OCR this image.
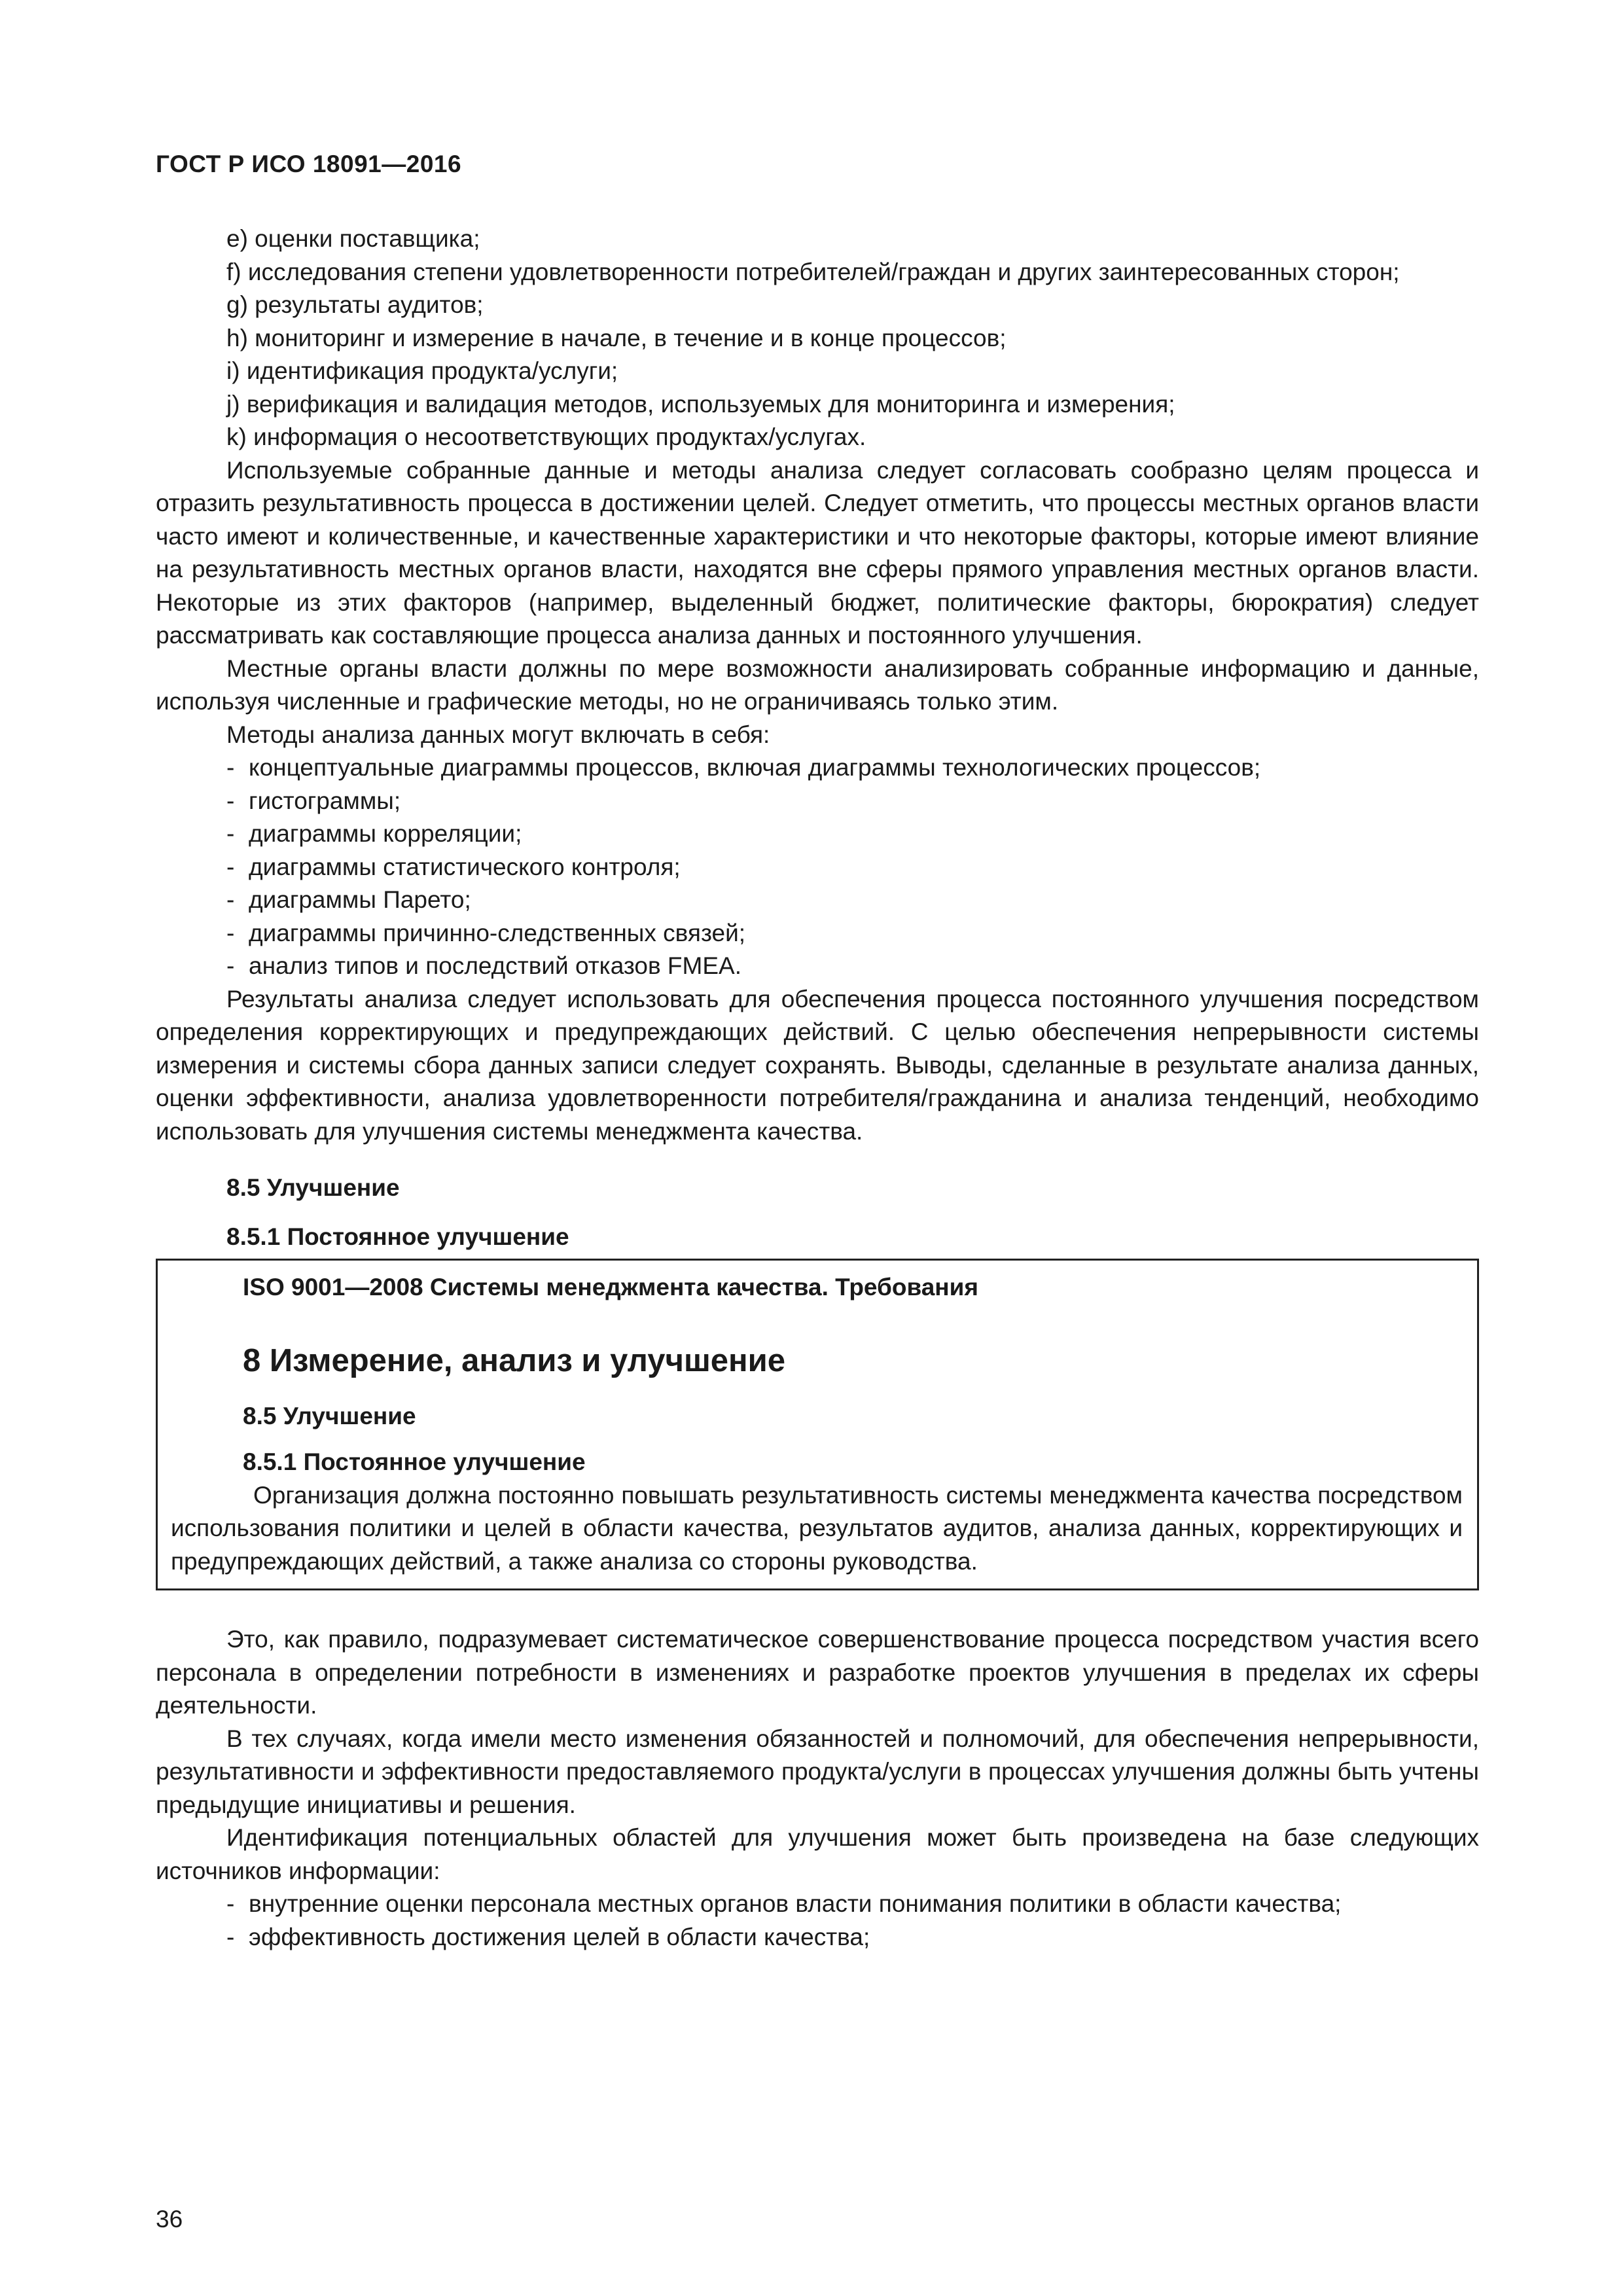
ГОСТ Р ИСО 18091—2016

e) оценки поставщика;

f) исследования степени удовлетворенности потребителей/граждан и других заинтересованных сторон;

g) результаты аудитов;

h) мониторинг и измерение в начале, в течение и в конце процессов;

i) идентификация продукта/услуги;

j) верификация и валидация методов, используемых для мониторинга и измерения;

k) информация о несоответствующих продуктах/услугах.

Используемые собранные данные и методы анализа следует согласовать сообразно целям процесса и отразить результативность процесса в достижении целей. Следует отметить, что процессы местных органов власти часто имеют и количественные, и качественные характеристики и что некоторые факторы, которые имеют влияние на результативность местных органов власти, находятся вне сферы прямого управления местных органов власти. Некоторые из этих факторов (например, выделенный бюджет, политические факторы, бюрократия) следует рассматривать как составляющие процесса анализа данных и постоянного улучшения.

Местные органы власти должны по мере возможности анализировать собранные информацию и данные, используя численные и графические методы, но не ограничиваясь только этим.

Методы анализа данных могут включать в себя:

- концептуальные диаграммы процессов, включая диаграммы технологических процессов;

- гистограммы;

- диаграммы корреляции;

- диаграммы статистического контроля;

- диаграммы Парето;

- диаграммы причинно-следственных связей;

- анализ типов и последствий отказов FMEA.

Результаты анализа следует использовать для обеспечения процесса постоянного улучшения посредством определения корректирующих и предупреждающих действий. С целью обеспечения непрерывности системы измерения и системы сбора данных записи следует сохранять. Выводы, сделанные в результате анализа данных, оценки эффективности, анализа удовлетворенности потребителя/гражданина и анализа тенденций, необходимо использовать для улучшения системы менеджмента качества.

8.5 Улучшение

8.5.1 Постоянное улучшение

ISO 9001—2008 Системы менеджмента качества. Требования

8 Измерение, анализ и улучшение

8.5 Улучшение

8.5.1 Постоянное улучшение

Организация должна постоянно повышать результативность системы менеджмента качества посредством использования политики и целей в области качества, результатов аудитов, анализа данных, корректирующих и предупреждающих действий, а также анализа со стороны руководства.

Это, как правило, подразумевает систематическое совершенствование процесса посредством участия всего персонала в определении потребности в изменениях и разработке проектов улучшения в пределах их сферы деятельности.

В тех случаях, когда имели место изменения обязанностей и полномочий, для обеспечения непрерывности, результативности и эффективности предоставляемого продукта/услуги в процессах улучшения должны быть учтены предыдущие инициативы и решения.

Идентификация потенциальных областей для улучшения может быть произведена на базе следующих источников информации:

- внутренние оценки персонала местных органов власти понимания политики в области качества;

- эффективность достижения целей в области качества;

36
